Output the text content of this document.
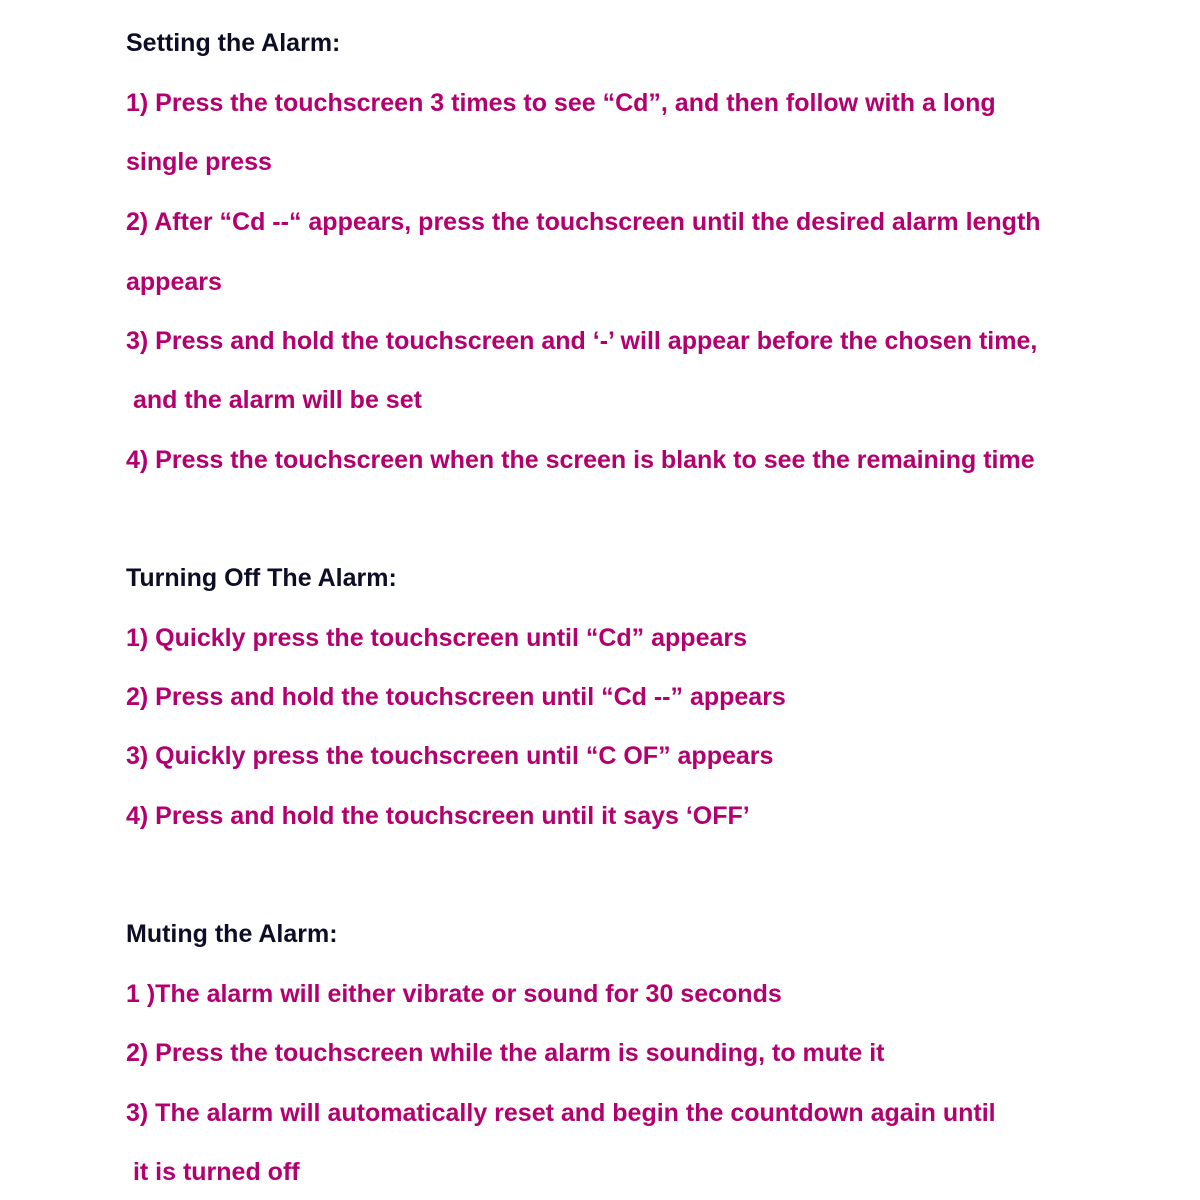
Setting the Alarm:
1) Press the touchscreen 3 times to see “Cd”, and then follow with a long
single press
2) After “Cd --“ appears, press the touchscreen until the desired alarm length
appears
3) Press and hold the touchscreen and ‘-’ will appear before the chosen time,
and the alarm will be set
4) Press the touchscreen when the screen is blank to see the remaining time
Turning Off The Alarm:
1) Quickly press the touchscreen until “Cd” appears
2) Press and hold the touchscreen until “Cd --” appears
3) Quickly press the touchscreen until “C OF” appears
4) Press and hold the touchscreen until it says ‘OFF’
Muting the Alarm:
1 )The alarm will either vibrate or sound for 30 seconds
2) Press the touchscreen while the alarm is sounding, to mute it
3) The alarm will automatically reset and begin the countdown again until
it is turned off
